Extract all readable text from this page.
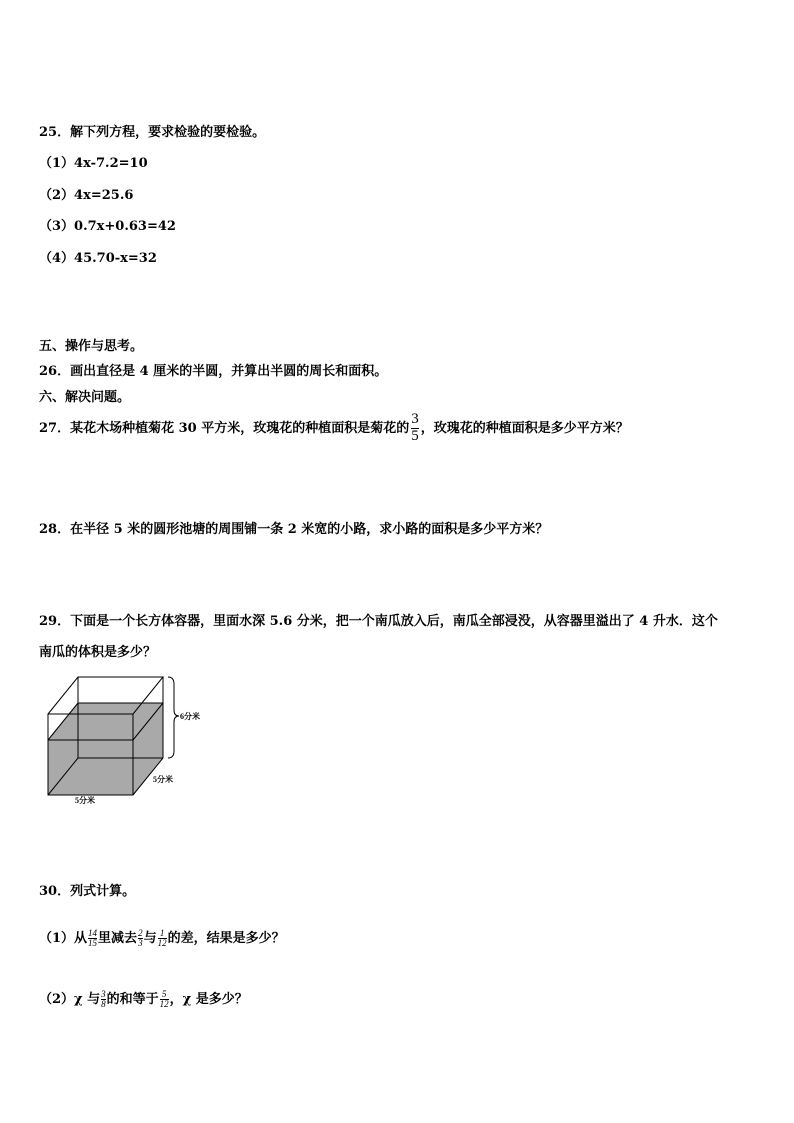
25．解下列方程，要求检验的要检验。
（1）4x-7.2=10
（2）4x=25.6
（3）0.7x+0.63=42
（4）45.70-x=32
五、操作与思考。
26．画出直径是 4 厘米的半圆，并算出半圆的周长和面积。
六、解决问题。
27．某花木场种植菊花 30 平方米，玫瑰花的种植面积是菊花的 $\frac{3}{5}$ ，玫瑰花的种植面积是多少平方米？
28．在半径 5 米的圆形池塘的周围铺一条 2 米宽的小路，求小路的面积是多少平方米？
29．下面是一个长方体容器，里面水深 5.6 分米，把一个南瓜放入后，南瓜全部浸没，从容器里溢出了 4 升水．这个
南瓜的体积是多少？
6分米
5分米
5分米
30．列式计算。
（1）从 $\frac{14}{15}$ 里减去 $\frac{2}{3}$ 与 $\frac{1}{12}$ 的差，结果是多少？
（2）χ 与 $\frac{3}{8}$ 的和等于 $\frac{5}{12}$ ，χ 是多少？
